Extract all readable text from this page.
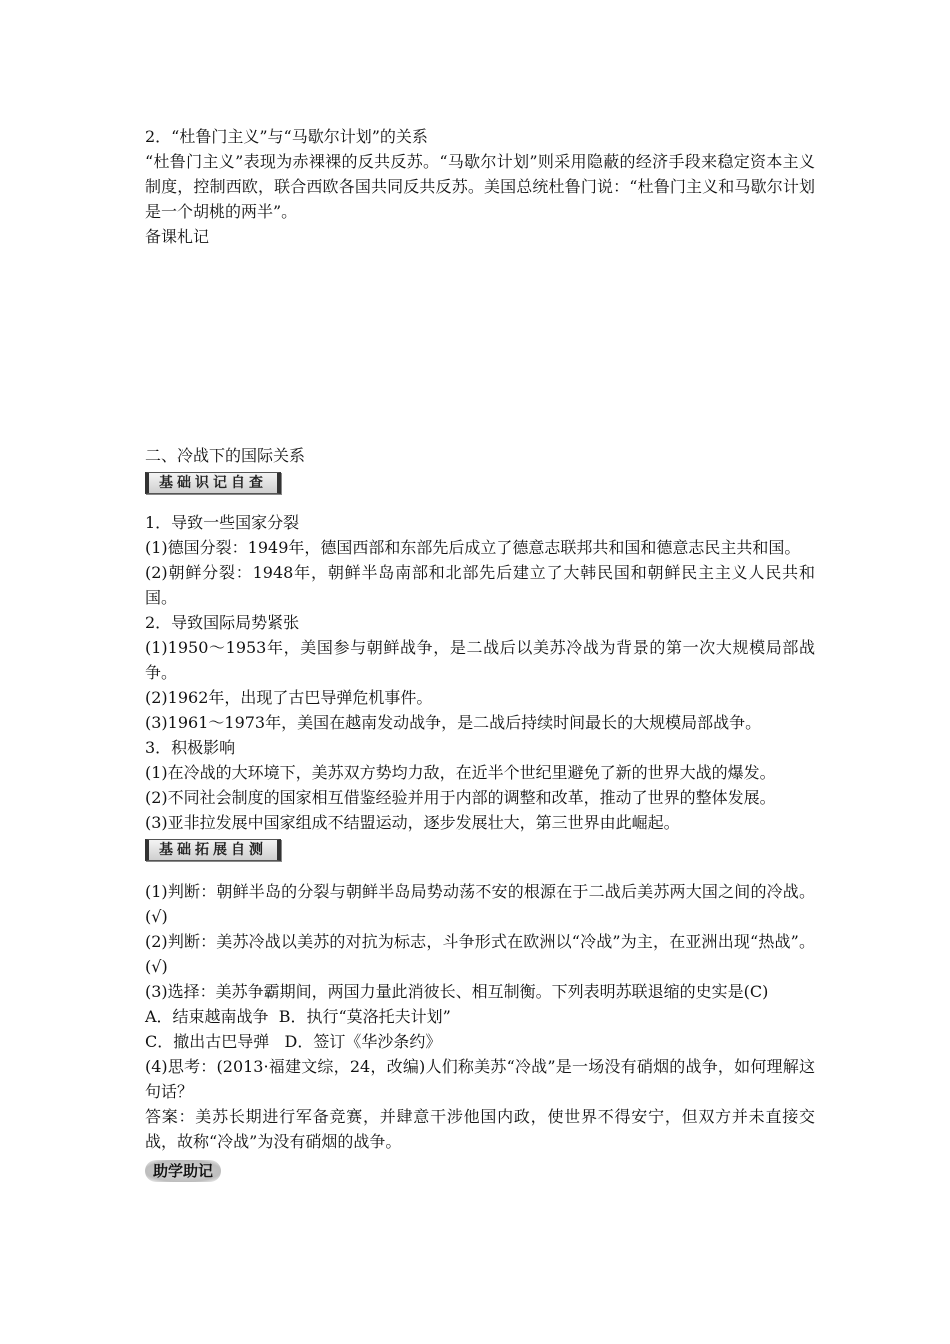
2．“杜鲁门主义”与“马歇尔计划”的关系
“杜鲁门主义”表现为赤裸裸的反共反苏。“马歇尔计划”则采用隐蔽的经济手段来稳定资本主义制度，控制西欧，联合西欧各国共同反共反苏。美国总统杜鲁门说：“杜鲁门主义和马歇尔计划是一个胡桃的两半”。
备课札记
二、冷战下的国际关系
基础识记自查
1．导致一些国家分裂
(1)德国分裂：1949年，德国西部和东部先后成立了德意志联邦共和国和德意志民主共和国。
(2)朝鲜分裂：1948年，朝鲜半岛南部和北部先后建立了大韩民国和朝鲜民主主义人民共和国。
2．导致国际局势紧张
(1)1950～1953年，美国参与朝鲜战争，是二战后以美苏冷战为背景的第一次大规模局部战争。
(2)1962年，出现了古巴导弹危机事件。
(3)1961～1973年，美国在越南发动战争，是二战后持续时间最长的大规模局部战争。
3．积极影响
(1)在冷战的大环境下，美苏双方势均力敌，在近半个世纪里避免了新的世界大战的爆发。
(2)不同社会制度的国家相互借鉴经验并用于内部的调整和改革，推动了世界的整体发展。
(3)亚非拉发展中国家组成不结盟运动，逐步发展壮大，第三世界由此崛起。
基础拓展自测
(1)判断：朝鲜半岛的分裂与朝鲜半岛局势动荡不安的根源在于二战后美苏两大国之间的冷战。(√)
(2)判断：美苏冷战以美苏的对抗为标志，斗争形式在欧洲以“冷战”为主，在亚洲出现“热战”。(√)
(3)选择：美苏争霸期间，两国力量此消彼长、相互制衡。下列表明苏联退缩的史实是(C)
A．结束越南战争  B．执行“莫洛托夫计划”
C．撤出古巴导弹   D．签订《华沙条约》
(4)思考：(2013·福建文综，24，改编)人们称美苏“冷战”是一场没有硝烟的战争，如何理解这句话？
答案：美苏长期进行军备竞赛，并肆意干涉他国内政，使世界不得安宁，但双方并未直接交战，故称“冷战”为没有硝烟的战争。
助学助记
